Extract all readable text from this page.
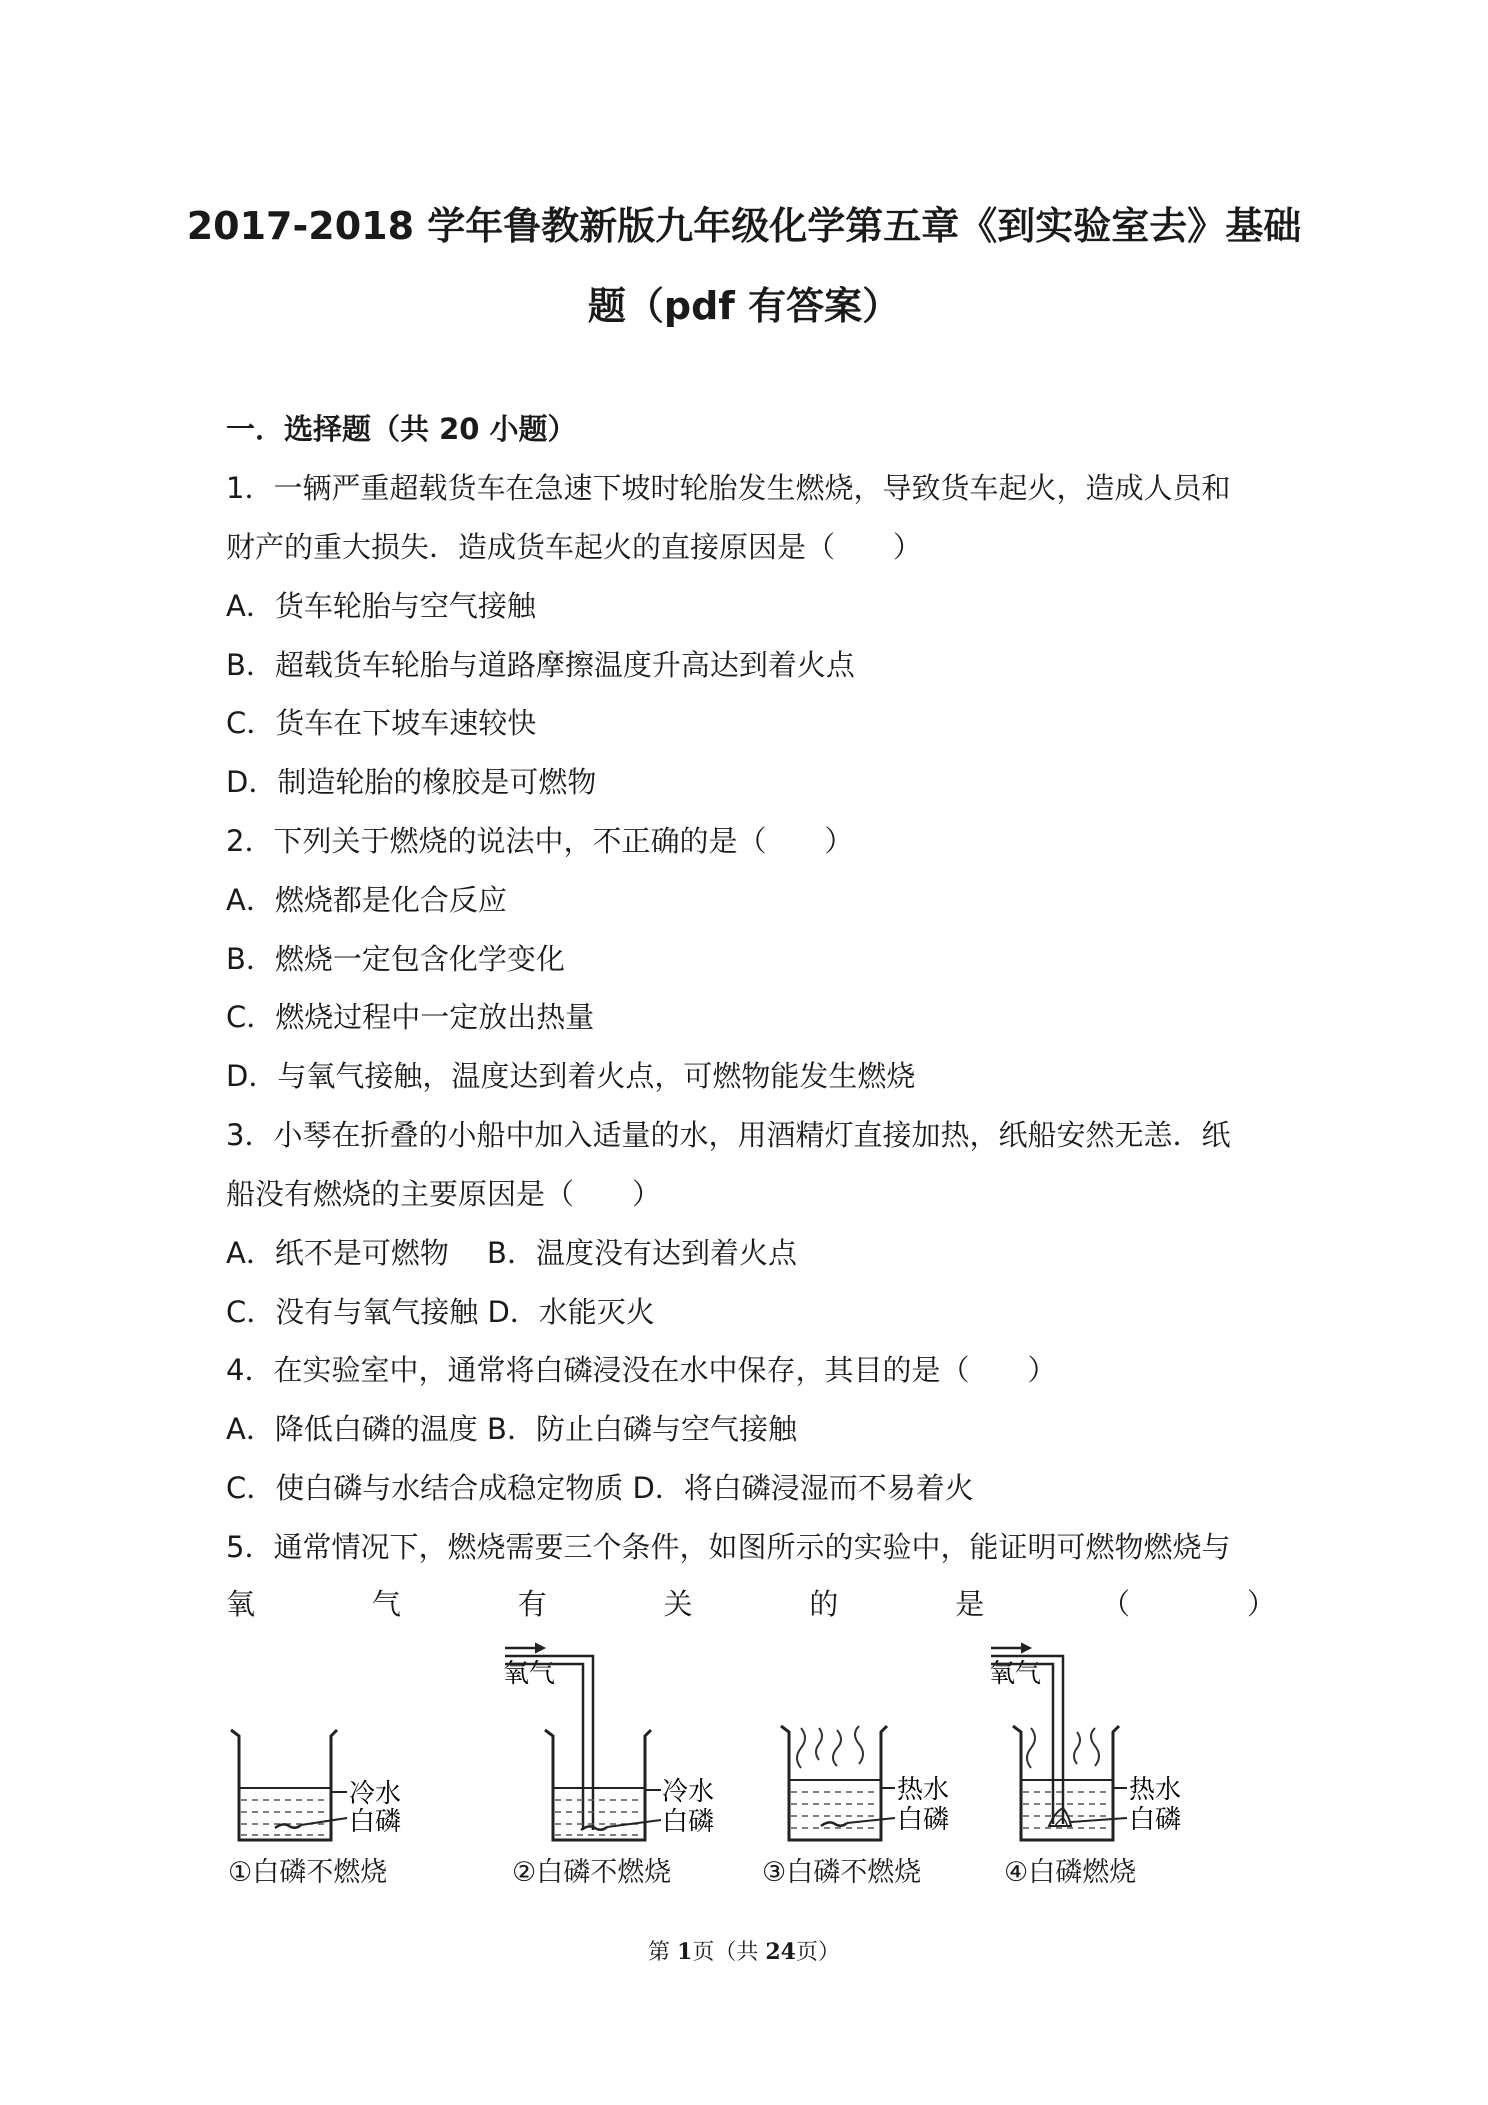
2017-2018 学年鲁教新版九年级化学第五章《到实验室去》基础
题（pdf 有答案）
一．选择题（共 20 小题）
1．一辆严重超载货车在急速下坡时轮胎发生燃烧，导致货车起火，造成人员和
财产的重大损失．造成货车起火的直接原因是（　　）
A．货车轮胎与空气接触
B．超载货车轮胎与道路摩擦温度升高达到着火点
C．货车在下坡车速较快
D．制造轮胎的橡胶是可燃物
2．下列关于燃烧的说法中，不正确的是（　　）
A．燃烧都是化合反应
B．燃烧一定包含化学变化
C．燃烧过程中一定放出热量
D．与氧气接触，温度达到着火点，可燃物能发生燃烧
3．小琴在折叠的小船中加入适量的水，用酒精灯直接加热，纸船安然无恙．纸
船没有燃烧的主要原因是（　　）
A．纸不是可燃物　 B．温度没有达到着火点
C．没有与氧气接触 D．水能灭火
4．在实验室中，通常将白磷浸没在水中保存，其目的是（　　）
A．降低白磷的温度 B．防止白磷与空气接触
C．使白磷与水结合成稳定物质 D．将白磷浸湿而不易着火
5．通常情况下，燃烧需要三个条件，如图所示的实验中，能证明可燃物燃烧与
氧	气	有	关	的	是	（	）
冷水
白磷
①白磷不燃烧
氧气
冷水
白磷
②白磷不燃烧
热水
白磷
③白磷不燃烧
氧气
热水
白磷
④白磷燃烧
第 1页（共 24页）
